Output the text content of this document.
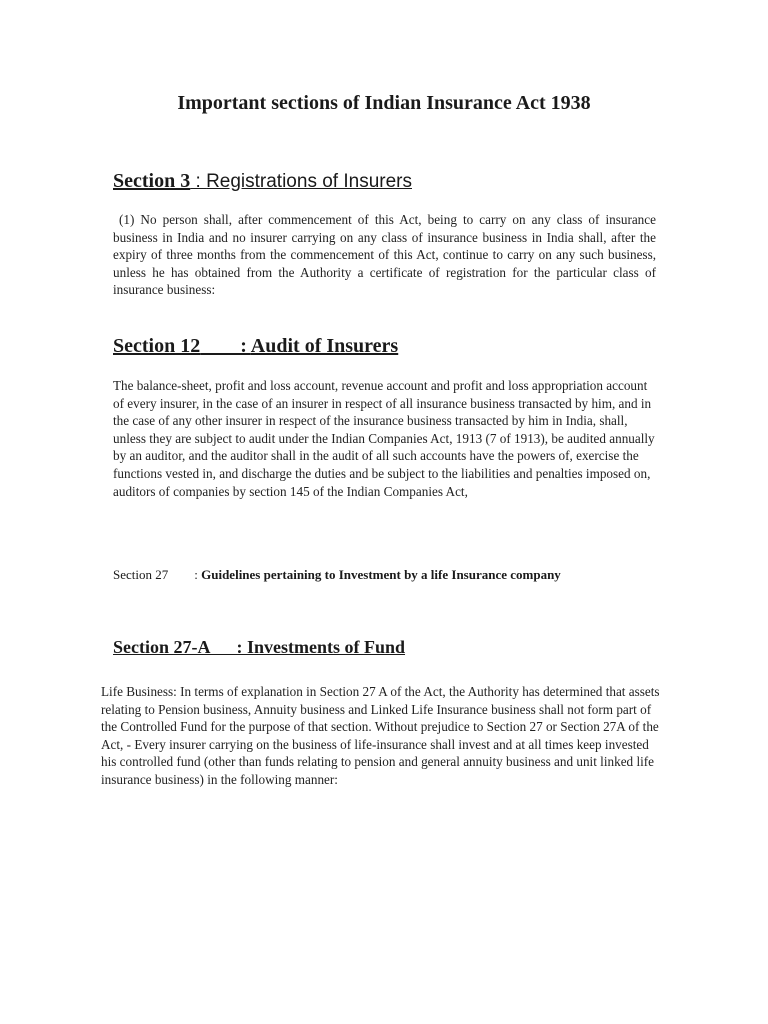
Important sections of Indian Insurance Act 1938
Section 3 : Registrations of Insurers

(1) No person shall, after commencement of this Act, being to carry on any class of insurance business in India and no insurer carrying on any class of insurance business in India shall, after the expiry of three months from the commencement of this Act, continue to carry on any such business, unless he has obtained from the Authority a certificate of registration for the particular class of insurance business:

Section 12        : Audit of Insurers

The balance-sheet, profit and loss account, revenue account and profit and loss appropriation account of every insurer, in the case of an insurer in respect of all insurance business transacted by him, and in the case of any other insurer in respect of the insurance business transacted by him in India, shall, unless they are subject to audit under the Indian Companies Act, 1913 (7 of 1913), be audited annually by an auditor, and the auditor shall in the audit of all such accounts have the powers of, exercise the functions vested in, and discharge the duties and be subject to the liabilities and penalties imposed on, auditors of companies by section 145 of the Indian Companies Act,

Section 27        : Guidelines pertaining to Investment by a life Insurance company

Section 27-A      : Investments of Fund

Life Business: In terms of explanation in Section 27 A of the Act, the Authority has determined that assets relating to Pension business, Annuity business and Linked Life Insurance business shall not form part of the Controlled Fund for the purpose of that section. Without prejudice to Section 27 or Section 27A of the Act, - Every insurer carrying on the business of life-insurance shall invest and at all times keep invested his controlled fund (other than funds relating to pension and general annuity business and unit linked life insurance business) in the following manner:
